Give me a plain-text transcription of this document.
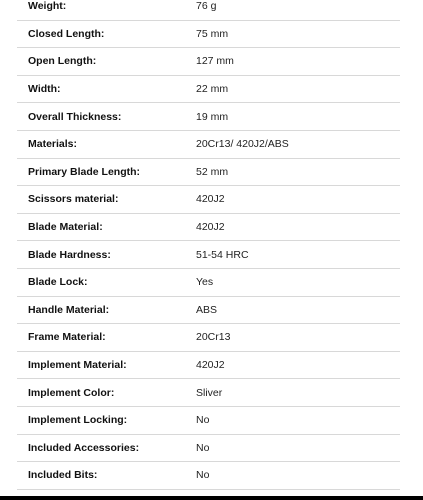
Weight:	76 g
Closed Length:	75 mm
Open Length:	127 mm
Width:	22 mm
Overall Thickness:	19 mm
Materials:	20Cr13/ 420J2/ABS
Primary Blade Length:	52 mm
Scissors material:	420J2
Blade Material:	420J2
Blade Hardness:	51-54 HRC
Blade Lock:	Yes
Handle Material:	ABS
Frame Material:	20Cr13
Implement Material:	420J2
Implement Color:	Sliver
Implement Locking:	No
Included Accessories:	No
Included Bits:	No
